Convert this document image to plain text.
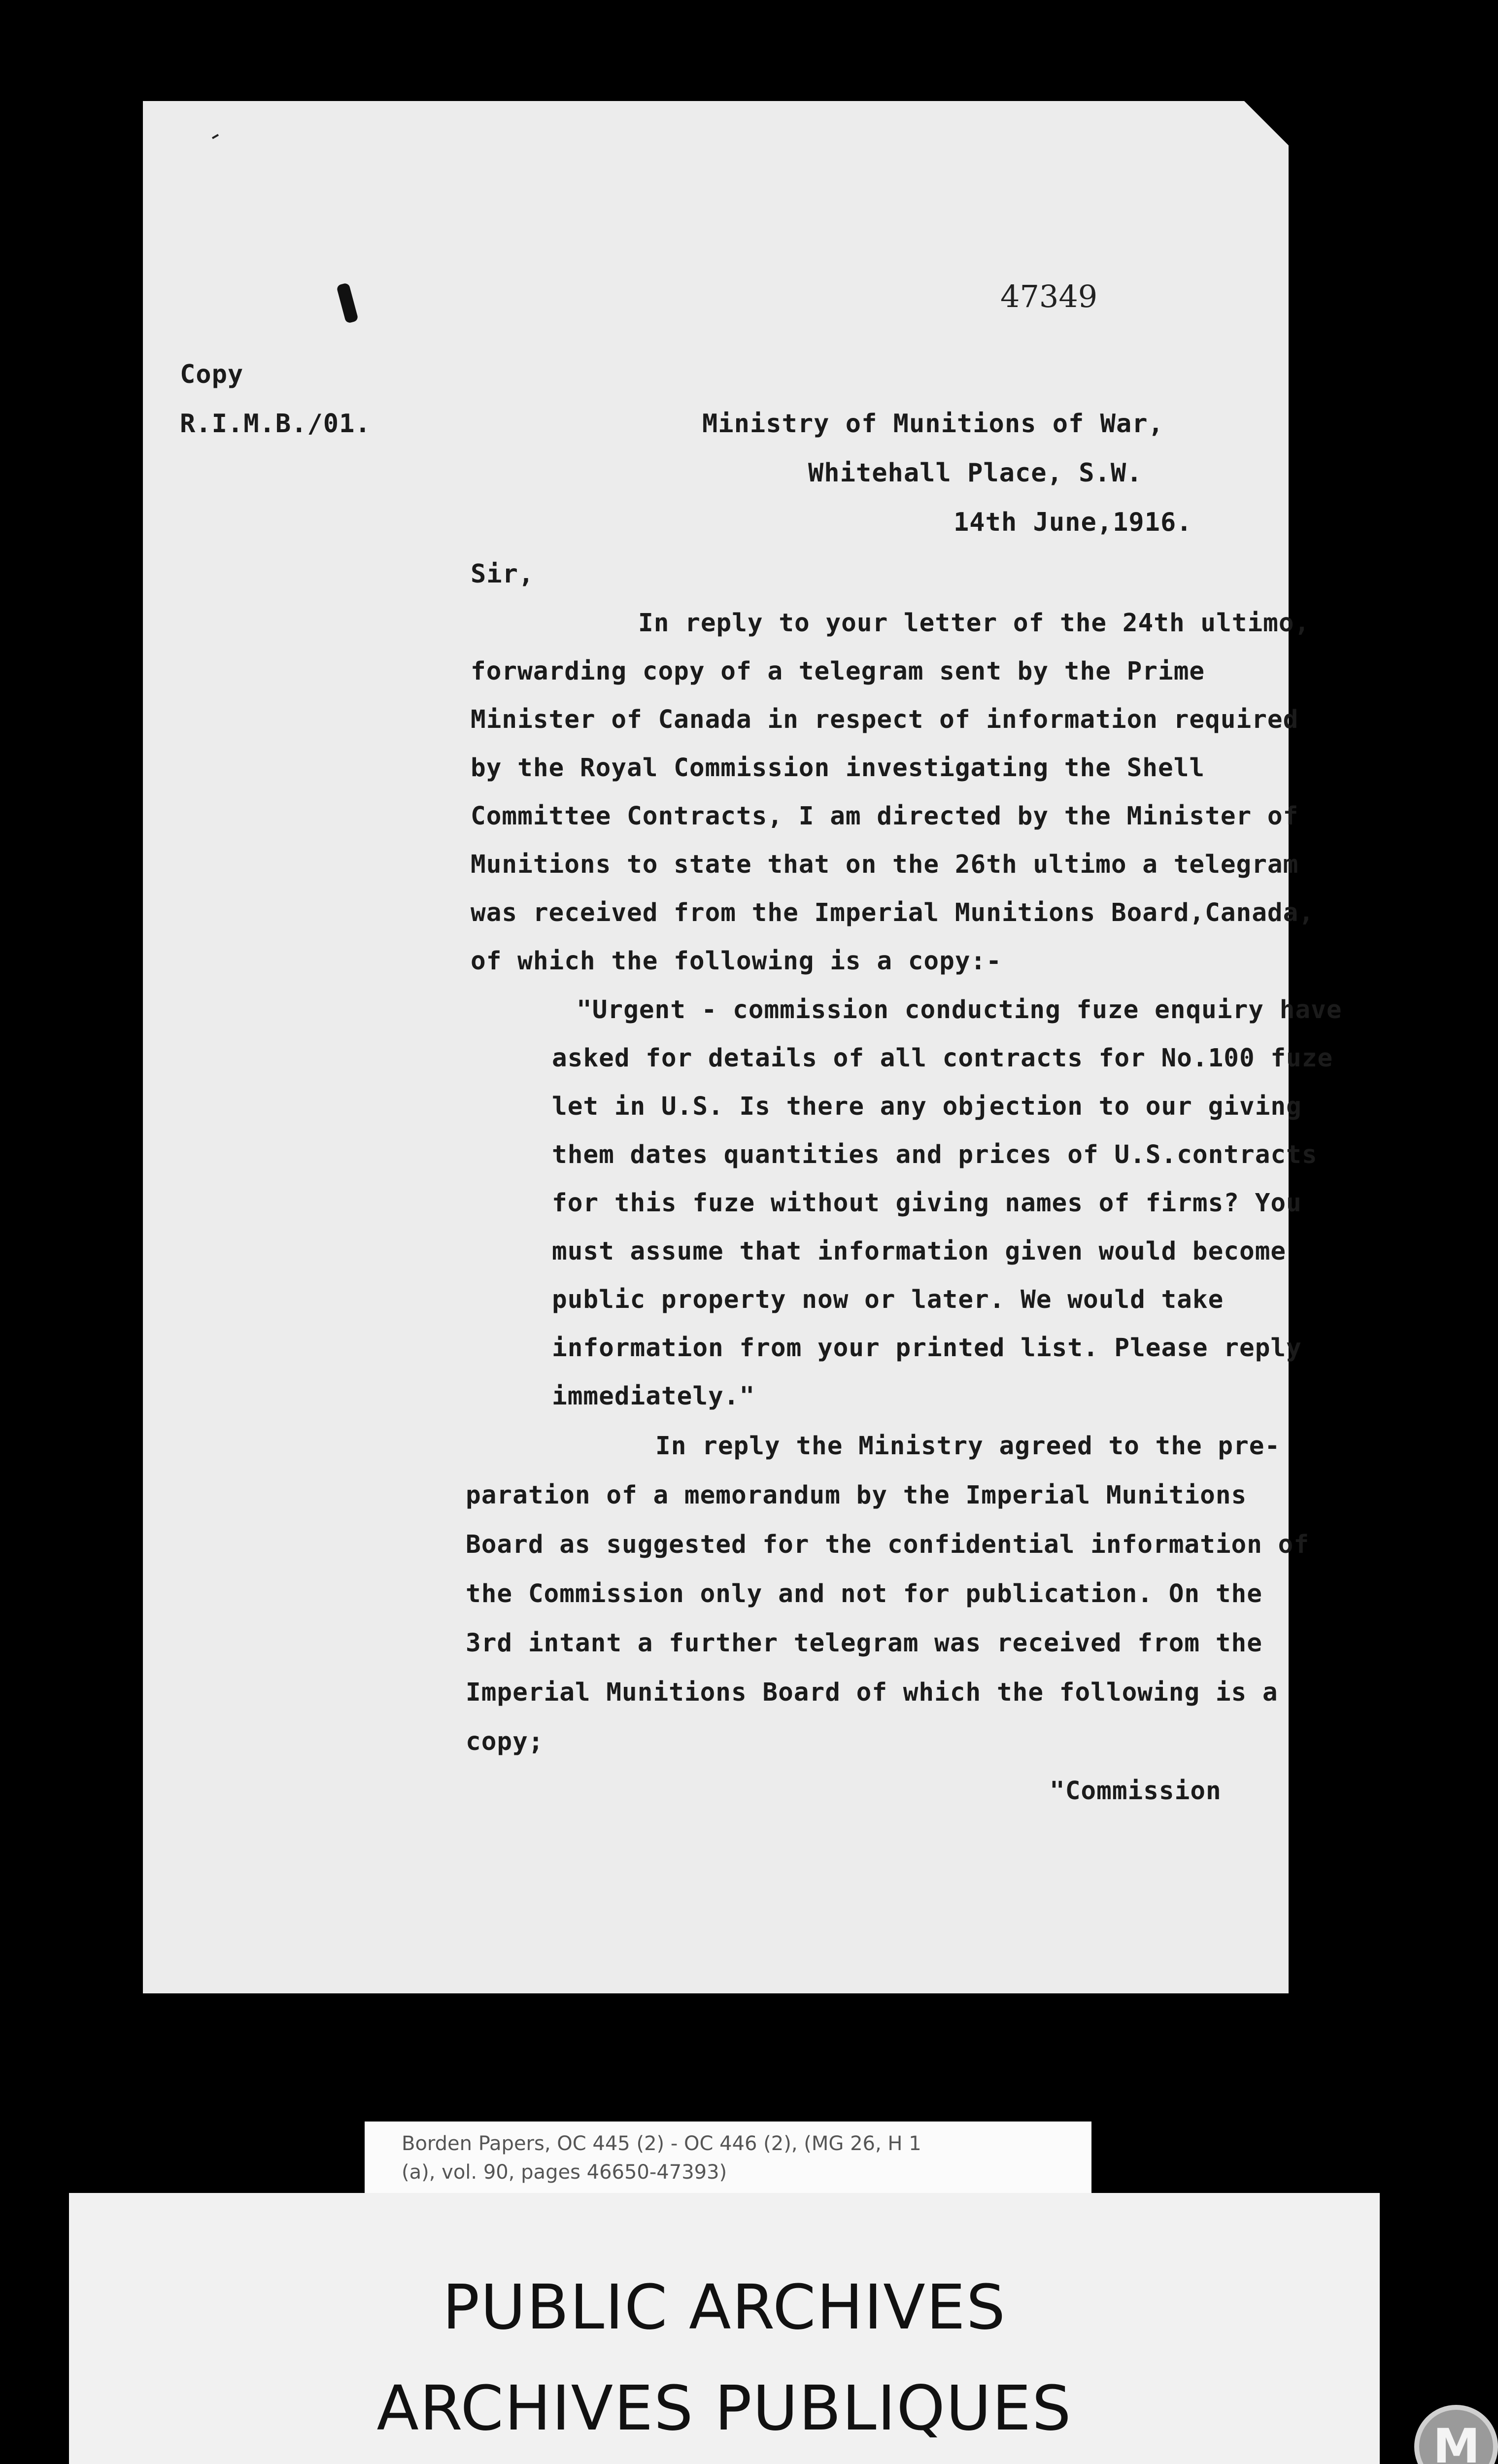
47349
Copy
R.I.M.B./01.	Ministry of Munitions of War,
Whitehall Place, S.W.
14th June,1916.
Sir,
In reply to your letter of the 24th ultimo,
forwarding copy of a telegram sent by the Prime
Minister of Canada in respect of information required
by the Royal Commission investigating the Shell
Committee Contracts, I am directed by the Minister of
Munitions to state that on the 26th ultimo a telegram
was received from the Imperial Munitions Board,Canada,
of which the following is a copy:-
"Urgent - commission conducting fuze enquiry have
asked for details of all contracts for No.100 fuze
let in U.S. Is there any objection to our giving
them dates quantities and prices of U.S.contracts
for this fuze without giving names of firms? You
must assume that information given would become
public property now or later. We would take
information from your printed list. Please reply
immediately."
In reply the Ministry agreed to the pre-
paration of a memorandum by the Imperial Munitions
Board as suggested for the confidential information of
the Commission only and not for publication. On the
3rd intant a further telegram was received from the
Imperial Munitions Board of which the following is a
copy;
"Commission
Borden Papers, OC 445 (2) - OC 446 (2), (MG 26, H 1
(a), vol. 90, pages 46650-47393)
PUBLIC ARCHIVES
ARCHIVES PUBLIQUES
M
